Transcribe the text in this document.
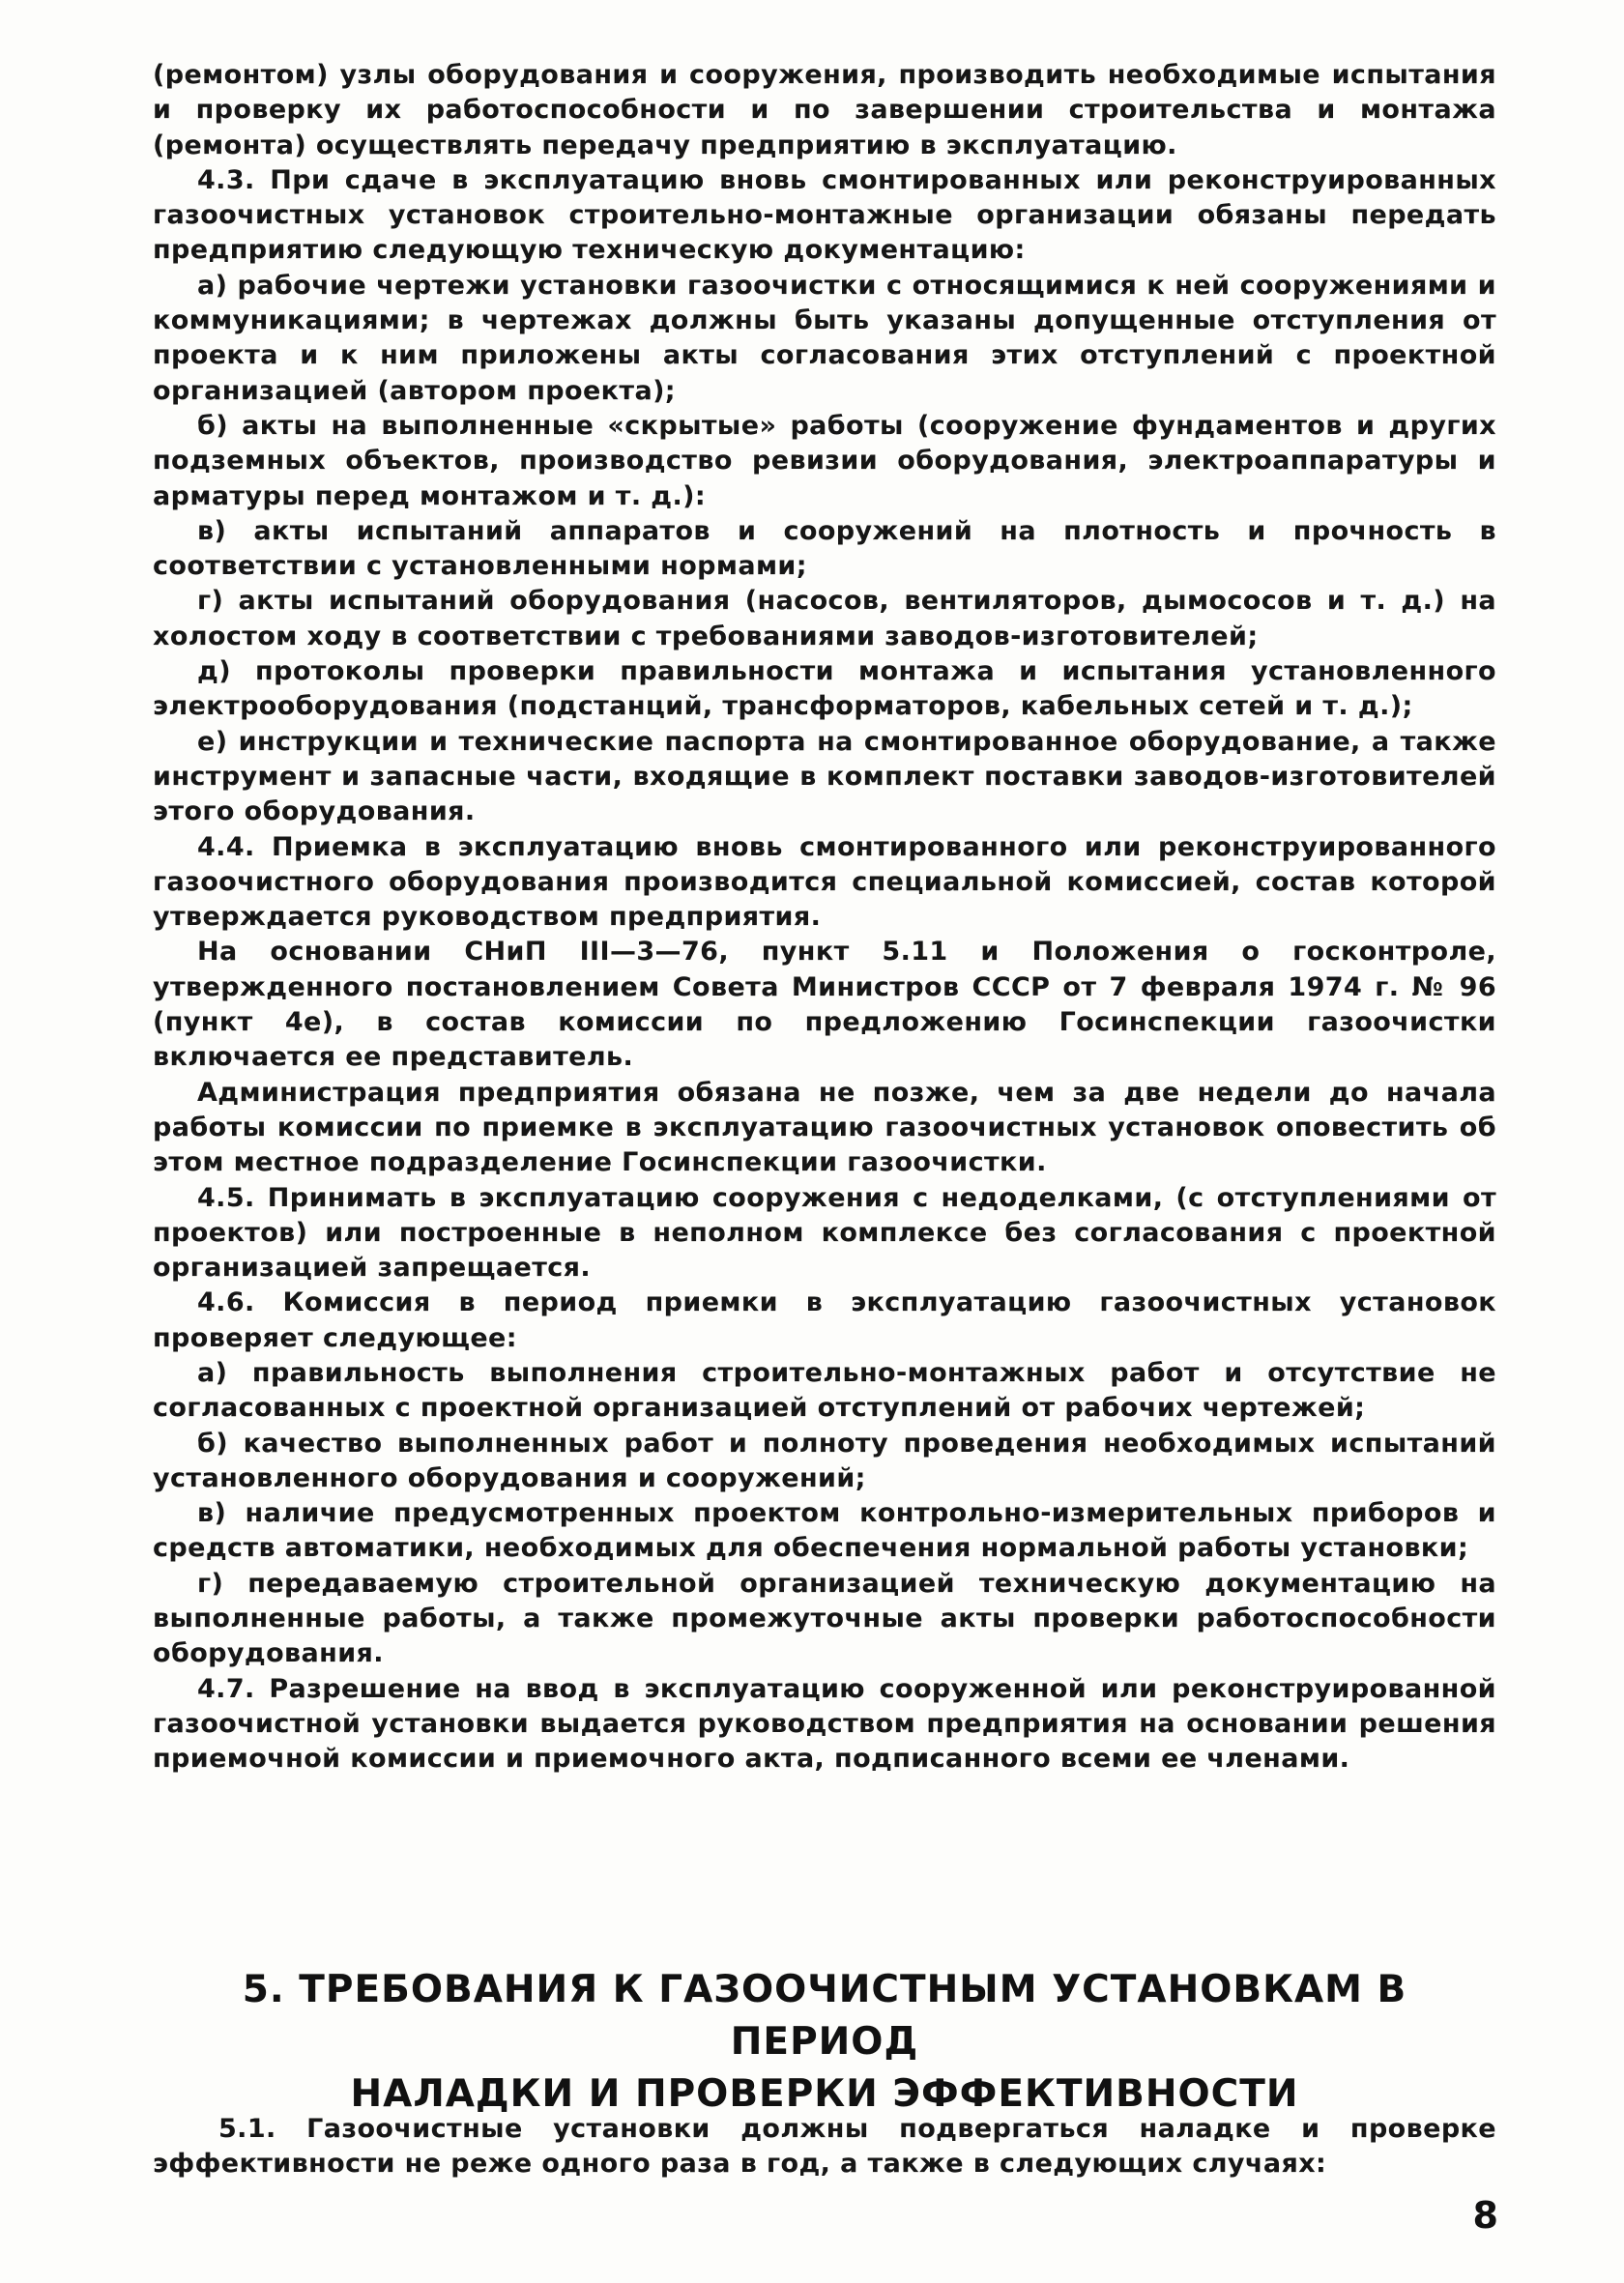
(ремонтом) узлы оборудования и сооружения, производить необходимые испытания и проверку их работоспособности и по завершении строительства и монтажа (ремонта) осуществлять передачу предприятию в эксплуатацию.

4.3. При сдаче в эксплуатацию вновь смонтированных или реконструированных газоочистных установок строительно-монтажные организации обязаны передать предприятию следующую техническую документацию:

а) рабочие чертежи установки газоочистки с относящимися к ней сооружениями и коммуникациями; в чертежах должны быть указаны допущенные отступления от проекта и к ним приложены акты согласования этих отступлений с проектной организацией (автором проекта);

б) акты на выполненные «скрытые» работы (сооружение фундаментов и других подземных объектов, производство ревизии оборудования, электроаппаратуры и арматуры перед монтажом и т. д.):

в) акты испытаний аппаратов и сооружений на плотность и прочность в соответствии с установленными нормами;

г) акты испытаний оборудования (насосов, вентиляторов, дымососов и т. д.) на холостом ходу в соответствии с требованиями заводов-изготовителей;

д) протоколы проверки правильности монтажа и испытания установленного электрооборудования (подстанций, трансформаторов, кабельных сетей и т. д.);

е) инструкции и технические паспорта на смонтированное оборудование, а также инструмент и запасные части, входящие в комплект поставки заводов-изготовителей этого оборудования.

4.4. Приемка в эксплуатацию вновь смонтированного или реконструированного газоочистного оборудования производится специальной комиссией, состав которой утверждается руководством предприятия.

На основании СНиП III—3—76, пункт 5.11 и Положения о госконтроле, утвержденного постановлением Совета Министров СССР от 7 февраля 1974 г. № 96 (пункт 4е), в состав комиссии по предложению Госинспекции газоочистки включается ее представитель.

Администрация предприятия обязана не позже, чем за две недели до начала работы комиссии по приемке в эксплуатацию газоочистных установок оповестить об этом местное подразделение Госинспекции газоочистки.

4.5. Принимать в эксплуатацию сооружения с недоделками, (с отступлениями от проектов) или построенные в неполном комплексе без согласования с проектной организацией запрещается.

4.6. Комиссия в период приемки в эксплуатацию газоочистных установок проверяет следующее:

а) правильность выполнения строительно-монтажных работ и отсутствие не согласованных с проектной организацией отступлений от рабочих чертежей;

б) качество выполненных работ и полноту проведения необходимых испытаний установленного оборудования и сооружений;

в) наличие предусмотренных проектом контрольно-измерительных приборов и средств автоматики, необходимых для обеспечения нормальной работы установки;

г) передаваемую строительной организацией техническую документацию на выполненные работы, а также промежуточные акты проверки работоспособности оборудования.

4.7. Разрешение на ввод в эксплуатацию сооруженной или реконструированной газоочистной установки выдается руководством предприятия на основании решения приемочной комиссии и приемочного акта, подписанного всеми ее членами.

5. ТРЕБОВАНИЯ К ГАЗООЧИСТНЫМ УСТАНОВКАМ В ПЕРИОД
НАЛАДКИ И ПРОВЕРКИ ЭФФЕКТИВНОСТИ

5.1. Газоочистные установки должны подвергаться наладке и проверке эффективности не реже одного раза в год, а также в следующих случаях:

8
